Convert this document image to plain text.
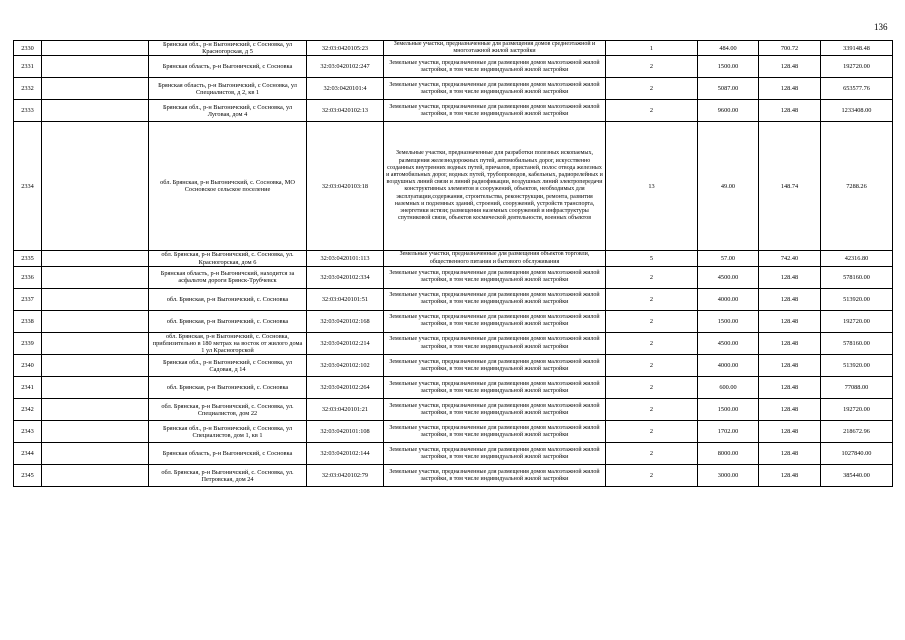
136
2330		Брянская обл., р-н Выгоничский, с Сосновка, ул Красногорская, д 5	32:03:0420105:23	Земельные участки, предназначенные для размещения домов среднеэтажной и многоэтажной жилой застройки	1	484.00	700.72	339148.48
2331		Брянская область, р-н Выгоничский, с Сосновка	32:03:0420102:247	Земельные участки, предназначенные для размещения домов малоэтажной жилой застройки, в том числе индивидуальной жилой застройки	2	1500.00	128.48	192720.00
2332		Брянская область, р-н Выгоничский, с Сосновка, ул Специалистов, д 2, кв 1	32:03:0420101:4	Земельные участки, предназначенные для размещения домов малоэтажной жилой застройки, в том числе индивидуальной жилой застройки	2	5087.00	128.48	653577.76
2333		Брянская обл., р-н Выгоничский, с Сосновка, ул Луговая, дом 4	32:03:0420102:13	Земельные участки, предназначенные для размещения домов малоэтажной жилой застройки, в том числе индивидуальной жилой застройки	2	9600.00	128.48	1233408.00
2334		обл. Брянская, р-н Выгоничский, с. Сосновка, МО Сосновское сельское поселение	32:03:0420103:18	Земельные участки, предназначенные для разработки полезных ископаемых, размещения железнодорожных путей, автомобильных дорог, искусственно созданных внутренних водных путей, причалов, пристаней, полос отвода железных и автомобильных дорог, водных путей, трубопроводов, кабельных, радиорелейных и воздушных линий связи и линий радиофикации, воздушных линий электропередачи конструктивных элементов и сооружений, объектов, необходимых для эксплуатации,содержания, строительства, реконструкции, ремонта, развития наземных и подземных зданий, строений, сооружений, устройств транспорта, энергетики истязи; размещения наземных сооружений и инфраструктуры спутниковой связи, объектов космической деятельности, военных объектов	13	49.00	148.74	7288.26
2335		обл. Брянская, р-н Выгоничский, с. Сосновка, ул. Красногорская, дом 6	32:03:0420101:113	Земельные участки, предназначенные для размещения объектов торговли, общественного питания и бытового обслуживания	5	57.00	742.40	42316.80
2336		Брянская область, р-н Выгоничский, находится за асфальтом дороги Брянск-Трубчевск	32:03:0420102:334	Земельные участки, предназначенные для размещения домов малоэтажной жилой застройки, в том числе индивидуальной жилой застройки	2	4500.00	128.48	578160.00
2337		обл. Брянская, р-н Выгоничский, с. Сосновка	32:03:0420101:51	Земельные участки, предназначенные для размещения домов малоэтажной жилой застройки, в том числе индивидуальной жилой застройки	2	4000.00	128.48	513920.00
2338		обл. Брянская, р-н Выгоничский, с. Сосновка	32:03:0420102:168	Земельные участки, предназначенные для размещения домов малоэтажной жилой застройки, в том числе индивидуальной жилой застройки	2	1500.00	128.48	192720.00
2339		обл. Брянская, р-н Выгоничский, с. Сосновка, приблизительно в 180 метрах на восток от жилого дома 1 ул Красногорской	32:03:0420102:214	Земельные участки, предназначенные для размещения домов малоэтажной жилой застройки, в том числе индивидуальной жилой застройки	2	4500.00	128.48	578160.00
2340		Брянская обл., р-н Выгоничский, с Сосновка, ул Садовая, д 14	32:03:0420102:102	Земельные участки, предназначенные для размещения домов малоэтажной жилой застройки, в том числе индивидуальной жилой застройки	2	4000.00	128.48	513920.00
2341		обл. Брянская, р-н Выгоничский, с. Сосновка	32:03:0420102:264	Земельные участки, предназначенные для размещения домов малоэтажной жилой застройки, в том числе индивидуальной жилой застройки	2	600.00	128.48	77088.00
2342		обл. Брянская, р-н Выгоничский, с. Сосновка, ул. Специалистов, дом 22	32:03:0420101:21	Земельные участки, предназначенные для размещения домов малоэтажной жилой застройки, в том числе индивидуальной жилой застройки	2	1500.00	128.48	192720.00
2343		Брянская обл., р-н Выгоничский, с Сосновка, ул Специалистов, дом 1, кв 1	32:03:0420101:108	Земельные участки, предназначенные для размещения домов малоэтажной жилой застройки, в том числе индивидуальной жилой застройки	2	1702.00	128.48	218672.96
2344		Брянская область, р-н Выгоничский, с Сосновка	32:03:0420102:144	Земельные участки, предназначенные для размещения домов малоэтажной жилой застройки, в том числе индивидуальной жилой застройки	2	8000.00	128.48	1027840.00
2345		обл. Брянская, р-н Выгоничский, с. Сосновка, ул. Петровская, дом 24	32:03:0420102:79	Земельные участки, предназначенные для размещения домов малоэтажной жилой застройки, в том числе индивидуальной жилой застройки	2	3000.00	128.48	385440.00
